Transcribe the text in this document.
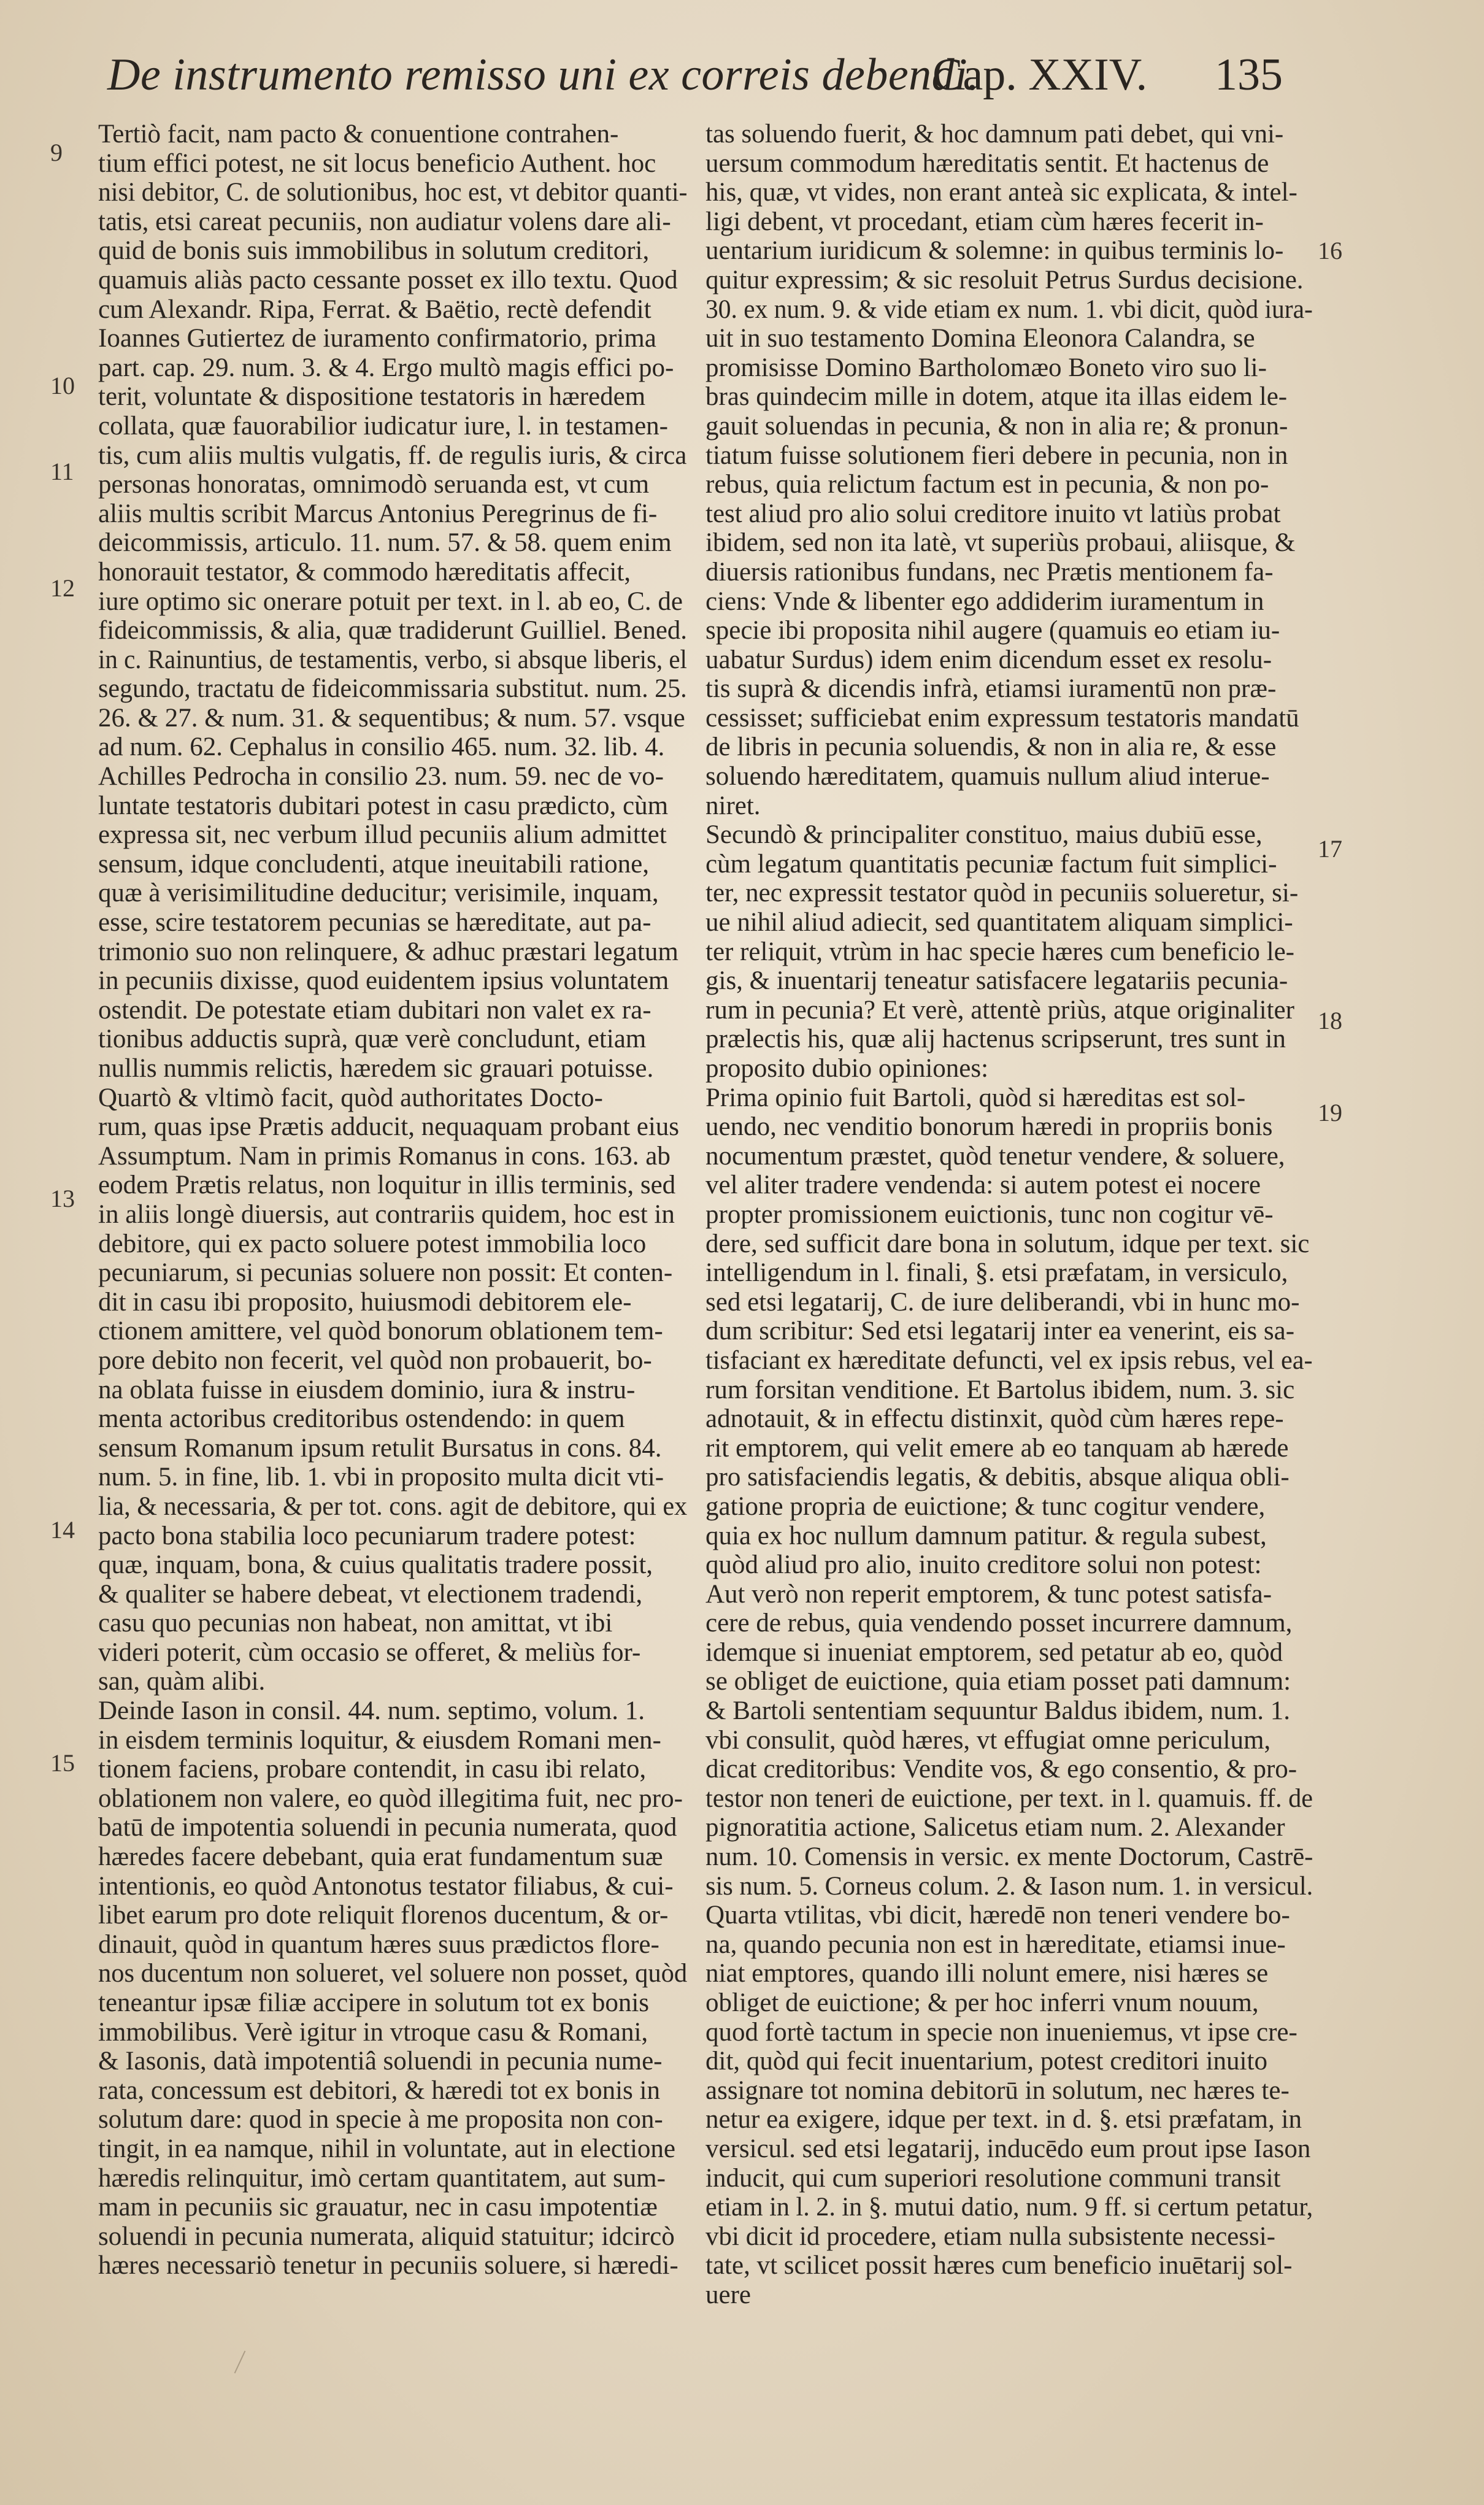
De instrumento remisso uni ex correis debendi.
Cap. XXIV. 135
Tertiò facit, nam pacto & conuentione contrahen-
tium effici potest, ne sit locus beneficio Authent. hoc
nisi debitor, C. de solutionibus, hoc est, vt debitor quanti-
tatis, etsi careat pecuniis, non audiatur volens dare ali-
quid de bonis suis immobilibus in solutum creditori,
quamuis aliàs pacto cessante posset ex illo textu. Quod
cum Alexandr. Ripa, Ferrat. & Baëtio, rectè defendit
Ioannes Gutiertez de iuramento confirmatorio, prima
part. cap. 29. num. 3. & 4. Ergo multò magis effici po-
terit, voluntate & dispositione testatoris in hæredem
collata, quæ fauorabilior iudicatur iure, l. in testamen-
tis, cum aliis multis vulgatis, ff. de regulis iuris, & circa
personas honoratas, omnimodò seruanda est, vt cum
aliis multis scribit Marcus Antonius Peregrinus de fi-
deicommissis, articulo. 11. num. 57. & 58. quem enim
honorauit testator, & commodo hæreditatis affecit,
iure optimo sic onerare potuit per text. in l. ab eo, C. de
fideicommissis, & alia, quæ tradiderunt Guilliel. Bened.
in c. Rainuntius, de testamentis, verbo, si absque liberis, el
segundo, tractatu de fideicommissaria substitut. num. 25.
26. & 27. & num. 31. & sequentibus; & num. 57. vsque
ad num. 62. Cephalus in consilio 465. num. 32. lib. 4.
Achilles Pedrocha in consilio 23. num. 59. nec de vo-
luntate testatoris dubitari potest in casu prædicto, cùm
expressa sit, nec verbum illud pecuniis alium admittet
sensum, idque concludenti, atque ineuitabili ratione,
quæ à verisimilitudine deducitur; verisimile, inquam,
esse, scire testatorem pecunias se hæreditate, aut pa-
trimonio suo non relinquere, & adhuc præstari legatum
in pecuniis dixisse, quod euidentem ipsius voluntatem
ostendit. De potestate etiam dubitari non valet ex ra-
tionibus adductis suprà, quæ verè concludunt, etiam
nullis nummis relictis, hæredem sic grauari potuisse.
Quartò & vltimò facit, quòd authoritates Docto-
rum, quas ipse Prætis adducit, nequaquam probant eius
Assumptum. Nam in primis Romanus in cons. 163. ab
eodem Prætis relatus, non loquitur in illis terminis, sed
in aliis longè diuersis, aut contrariis quidem, hoc est in
debitore, qui ex pacto soluere potest immobilia loco
pecuniarum, si pecunias soluere non possit: Et conten-
dit in casu ibi proposito, huiusmodi debitorem ele-
ctionem amittere, vel quòd bonorum oblationem tem-
pore debito non fecerit, vel quòd non probauerit, bo-
na oblata fuisse in eiusdem dominio, iura & instru-
menta actoribus creditoribus ostendendo: in quem
sensum Romanum ipsum retulit Bursatus in cons. 84.
num. 5. in fine, lib. 1. vbi in proposito multa dicit vti-
lia, & necessaria, & per tot. cons. agit de debitore, qui ex
pacto bona stabilia loco pecuniarum tradere potest:
quæ, inquam, bona, & cuius qualitatis tradere possit,
& qualiter se habere debeat, vt electionem tradendi,
casu quo pecunias non habeat, non amittat, vt ibi
videri poterit, cùm occasio se offeret, & meliùs for-
san, quàm alibi.
Deinde Iason in consil. 44. num. septimo, volum. 1.
in eisdem terminis loquitur, & eiusdem Romani men-
tionem faciens, probare contendit, in casu ibi relato,
oblationem non valere, eo quòd illegitima fuit, nec pro-
batū de impotentia soluendi in pecunia numerata, quod
hæredes facere debebant, quia erat fundamentum suæ
intentionis, eo quòd Antonotus testator filiabus, & cui-
libet earum pro dote reliquit florenos ducentum, & or-
dinauit, quòd in quantum hæres suus prædictos flore-
nos ducentum non solueret, vel soluere non posset, quòd
teneantur ipsæ filiæ accipere in solutum tot ex bonis
immobilibus. Verè igitur in vtroque casu & Romani,
& Iasonis, datà impotentiâ soluendi in pecunia nume-
rata, concessum est debitori, & hæredi tot ex bonis in
solutum dare: quod in specie à me proposita non con-
tingit, in ea namque, nihil in voluntate, aut in electione
hæredis relinquitur, imò certam quantitatem, aut sum-
mam in pecuniis sic grauatur, nec in casu impotentiæ
soluendi in pecunia numerata, aliquid statuitur; idcircò
hæres necessariò tenetur in pecuniis soluere, si hæredi-
tas soluendo fuerit, & hoc damnum pati debet, qui vni-
uersum commodum hæreditatis sentit. Et hactenus de
his, quæ, vt vides, non erant anteà sic explicata, & intel-
ligi debent, vt procedant, etiam cùm hæres fecerit in-
uentarium iuridicum & solemne: in quibus terminis lo-
quitur expressim; & sic resoluit Petrus Surdus decisione.
30. ex num. 9. & vide etiam ex num. 1. vbi dicit, quòd iura-
uit in suo testamento Domina Eleonora Calandra, se
promisisse Domino Bartholomæo Boneto viro suo li-
bras quindecim mille in dotem, atque ita illas eidem le-
gauit soluendas in pecunia, & non in alia re; & pronun-
tiatum fuisse solutionem fieri debere in pecunia, non in
rebus, quia relictum factum est in pecunia, & non po-
test aliud pro alio solui creditore inuito vt latiùs probat
ibidem, sed non ita latè, vt superiùs probaui, aliisque, &
diuersis rationibus fundans, nec Prætis mentionem fa-
ciens: Vnde & libenter ego addiderim iuramentum in
specie ibi proposita nihil augere (quamuis eo etiam iu-
uabatur Surdus) idem enim dicendum esset ex resolu-
tis suprà & dicendis infrà, etiamsi iuramentū non præ-
cessisset; sufficiebat enim expressum testatoris mandatū
de libris in pecunia soluendis, & non in alia re, & esse
soluendo hæreditatem, quamuis nullum aliud interue-
niret.
Secundò & principaliter constituo, maius dubiū esse,
cùm legatum quantitatis pecuniæ factum fuit simplici-
ter, nec expressit testator quòd in pecuniis solueretur, si-
ue nihil aliud adiecit, sed quantitatem aliquam simplici-
ter reliquit, vtrùm in hac specie hæres cum beneficio le-
gis, & inuentarij teneatur satisfacere legatariis pecunia-
rum in pecunia? Et verè, attentè priùs, atque originaliter
prælectis his, quæ alij hactenus scripserunt, tres sunt in
proposito dubio opiniones:
Prima opinio fuit Bartoli, quòd si hæreditas est sol-
uendo, nec venditio bonorum hæredi in propriis bonis
nocumentum præstet, quòd tenetur vendere, & soluere,
vel aliter tradere vendenda: si autem potest ei nocere
propter promissionem euictionis, tunc non cogitur vē-
dere, sed sufficit dare bona in solutum, idque per text. sic
intelligendum in l. finali, §. etsi præfatam, in versiculo,
sed etsi legatarij, C. de iure deliberandi, vbi in hunc mo-
dum scribitur: Sed etsi legatarij inter ea venerint, eis sa-
tisfaciant ex hæreditate defuncti, vel ex ipsis rebus, vel ea-
rum forsitan venditione. Et Bartolus ibidem, num. 3. sic
adnotauit, & in effectu distinxit, quòd cùm hæres repe-
rit emptorem, qui velit emere ab eo tanquam ab hærede
pro satisfaciendis legatis, & debitis, absque aliqua obli-
gatione propria de euictione; & tunc cogitur vendere,
quia ex hoc nullum damnum patitur. & regula subest,
quòd aliud pro alio, inuito creditore solui non potest:
Aut verò non reperit emptorem, & tunc potest satisfa-
cere de rebus, quia vendendo posset incurrere damnum,
idemque si inueniat emptorem, sed petatur ab eo, quòd
se obliget de euictione, quia etiam posset pati damnum:
& Bartoli sententiam sequuntur Baldus ibidem, num. 1.
vbi consulit, quòd hæres, vt effugiat omne periculum,
dicat creditoribus: Vendite vos, & ego consentio, & pro-
testor non teneri de euictione, per text. in l. quamuis. ff. de
pignoratitia actione, Salicetus etiam num. 2. Alexander
num. 10. Comensis in versic. ex mente Doctorum, Castrē-
sis num. 5. Corneus colum. 2. & Iason num. 1. in versicul.
Quarta vtilitas, vbi dicit, hæredē non teneri vendere bo-
na, quando pecunia non est in hæreditate, etiamsi inue-
niat emptores, quando illi nolunt emere, nisi hæres se
obliget de euictione; & per hoc inferri vnum nouum,
quod fortè tactum in specie non inueniemus, vt ipse cre-
dit, quòd qui fecit inuentarium, potest creditori inuito
assignare tot nomina debitorū in solutum, nec hæres te-
netur ea exigere, idque per text. in d. §. etsi præfatam, in
versicul. sed etsi legatarij, inducēdo eum prout ipse Iason
inducit, qui cum superiori resolutione communi transit
etiam in l. 2. in §. mutui datio, num. 9 ff. si certum petatur,
vbi dicit id procedere, etiam nulla subsistente necessi-
tate, vt scilicet possit hæres cum beneficio inuētarij sol-
uere
9
10
11
12
13
14
15
16
17
18
19
